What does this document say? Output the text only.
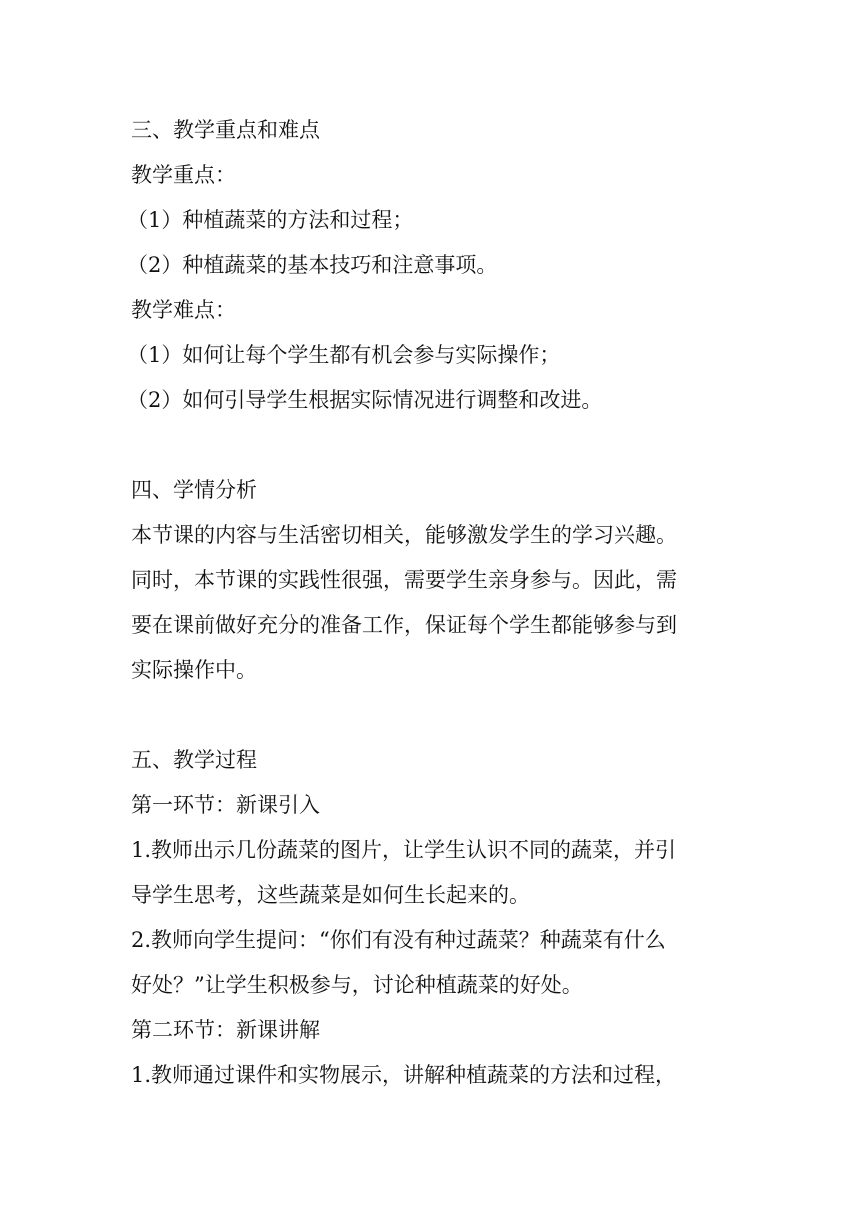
三、教学重点和难点
教学重点：
（1）种植蔬菜的方法和过程；
（2）种植蔬菜的基本技巧和注意事项。
教学难点：
（1）如何让每个学生都有机会参与实际操作；
（2）如何引导学生根据实际情况进行调整和改进。
四、学情分析
本节课的内容与生活密切相关，能够激发学生的学习兴趣。
同时，本节课的实践性很强，需要学生亲身参与。因此，需
要在课前做好充分的准备工作，保证每个学生都能够参与到
实际操作中。
五、教学过程
第一环节：新课引入
1.教师出示几份蔬菜的图片，让学生认识不同的蔬菜，并引
导学生思考，这些蔬菜是如何生长起来的。
2.教师向学生提问：“你们有没有种过蔬菜？种蔬菜有什么
好处？”让学生积极参与，讨论种植蔬菜的好处。
第二环节：新课讲解
1.教师通过课件和实物展示，讲解种植蔬菜的方法和过程，
